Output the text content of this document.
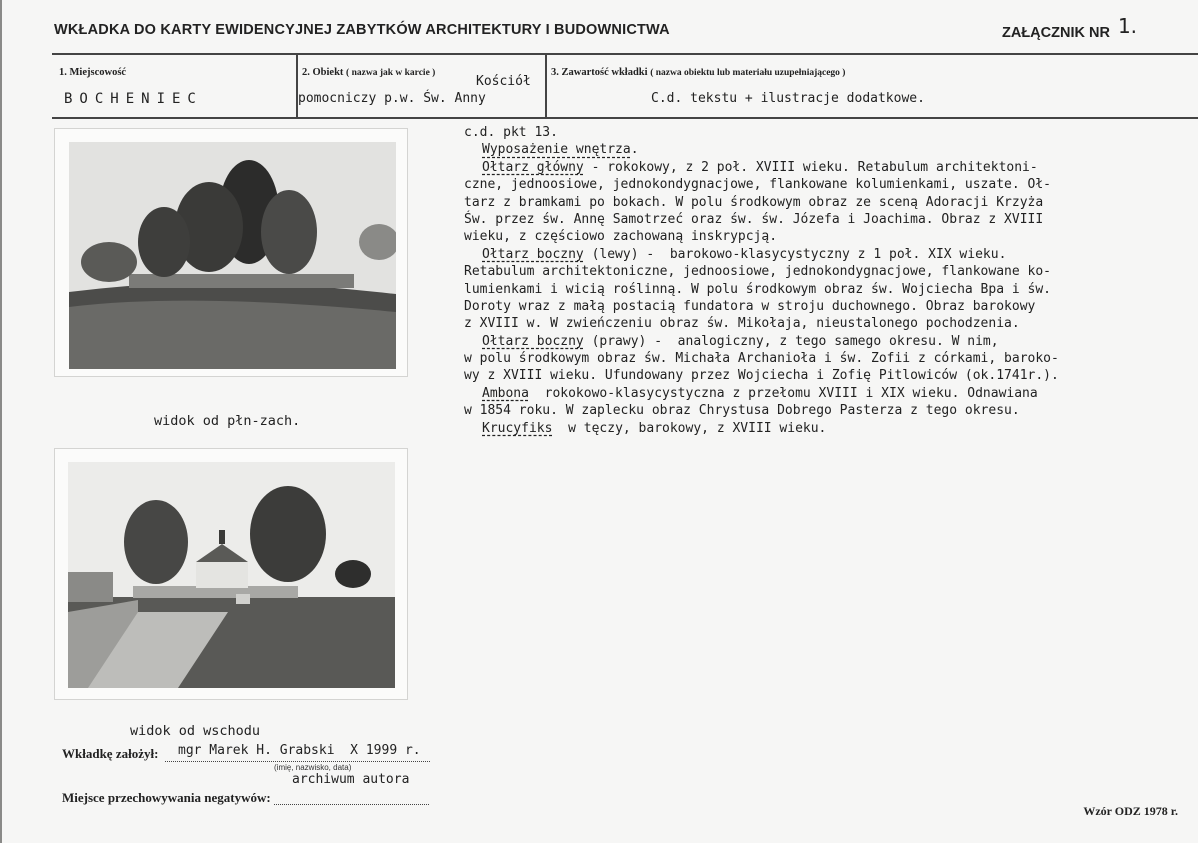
WKŁADKA DO KARTY EWIDENCYJNEJ ZABYTKÓW ARCHITEKTURY I BUDOWNICTWA	ZAŁĄCZNIK NR 1.
1. Miejscowość
BOCHENIEC
2. Obiekt ( nazwa jak w karcie )
Kościół
pomocniczy p.w. Św. Anny
3. Zawartość wkładki ( nazwa obiektu lub materiału uzupełniającego )
C.d. tekstu + ilustracje dodatkowe.
widok od płn-zach.
widok od wschodu
c.d. pkt 13.
Wyposażenie wnętrza.
Ołtarz główny - rokokowy, z 2 poł. XVIII wieku. Retabulum architektoni-
czne, jednoosiowe, jednokondygnacjowe, flankowane kolumienkami, uszate. Oł-
tarz z bramkami po bokach. W polu środkowym obraz ze sceną Adoracji Krzyża
Św. przez św. Annę Samotrzeć oraz św. św. Józefa i Joachima. Obraz z XVIII
wieku, z częściowo zachowaną inskrypcją.
Ołtarz boczny (lewy) -  barokowo-klasycystyczny z 1 poł. XIX wieku.
Retabulum architektoniczne, jednoosiowe, jednokondygnacjowe, flankowane ko-
lumienkami i wicią roślinną. W polu środkowym obraz św. Wojciecha Bpa i św.
Doroty wraz z małą postacią fundatora w stroju duchownego. Obraz barokowy
z XVIII w. W zwieńczeniu obraz św. Mikołaja, nieustalonego pochodzenia.
Ołtarz boczny (prawy) -  analogiczny, z tego samego okresu. W nim,
w polu środkowym obraz św. Michała Archanioła i św. Zofii z córkami, baroko-
wy z XVIII wieku. Ufundowany przez Wojciecha i Zofię Pitlowiców (ok.1741r.).
Ambona  rokokowo-klasycystyczna z przełomu XVIII i XIX wieku. Odnawiana
w 1854 roku. W zaplecku obraz Chrystusa Dobrego Pasterza z tego okresu.
Krucyfiks  w tęczy, barokowy, z XVIII wieku.
Wkładkę założył: mgr Marek H. Grabski  X 1999 r.
(imię, nazwisko, data)
archiwum autora
Miejsce przechowywania negatywów:
Wzór ODZ 1978 r.
